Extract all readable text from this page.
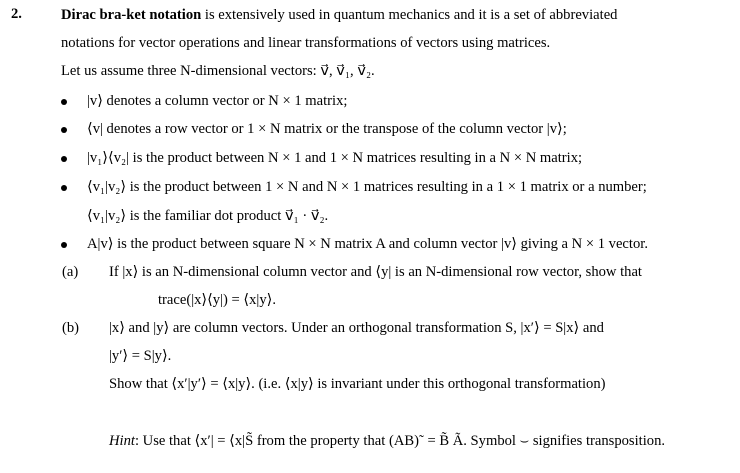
2.	Dirac bra-ket notation is extensively used in quantum mechanics and it is a set of abbreviated
notations for vector operations and linear transformations of vectors using matrices.
Let us assume three N-dimensional vectors: v⃗, v⃗₁, v⃗₂.
|v⟩ denotes a column vector or N × 1 matrix;
⟨v| denotes a row vector or 1 × N matrix or the transpose of the column vector |v⟩;
|v₁⟩⟨v₂| is the product between N × 1 and 1 × N matrices resulting in a N × N matrix;
⟨v₁|v₂⟩ is the product between 1 × N and N × 1 matrices resulting in a 1 × 1 matrix or a number;
⟨v₁|v₂⟩ is the familiar dot product v⃗₁ · v⃗₂.
A|v⟩ is the product between square N × N matrix A and column vector |v⟩ giving a N × 1 vector.
(a) If |x⟩ is an N-dimensional column vector and ⟨y| is an N-dimensional row vector, show that
trace(|x⟩⟨y|) = ⟨x|y⟩.
(b) |x⟩ and |y⟩ are column vectors. Under an orthogonal transformation S, |x′⟩ = S|x⟩ and
|y′⟩ = S|y⟩.
Show that ⟨x′|y′⟩ = ⟨x|y⟩. (i.e. ⟨x|y⟩ is invariant under this orthogonal transformation)
Hint: Use that ⟨x′| = ⟨x|S̃ from the property that (AB)˜ = B̃ Ã. Symbol ⌣ signifies transposition.
